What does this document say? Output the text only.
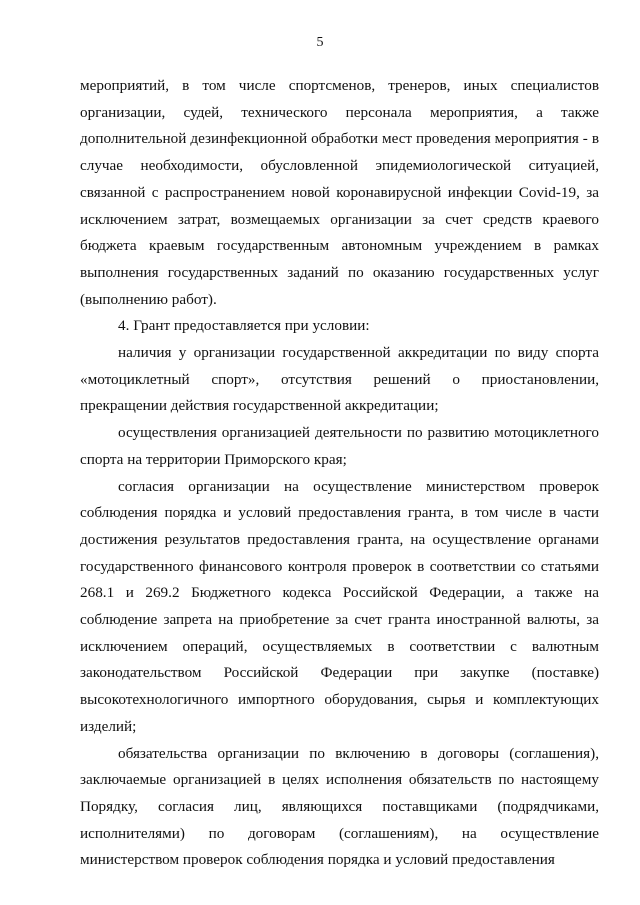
5

мероприятий, в том числе спортсменов, тренеров, иных специалистов организации, судей, технического персонала мероприятия, а также дополнительной дезинфекционной обработки мест проведения мероприятия - в случае необходимости, обусловленной эпидемиологической ситуацией, связанной с распространением новой коронавирусной инфекции Covid-19, за исключением затрат, возмещаемых организации за счет средств краевого бюджета краевым государственным автономным учреждением в рамках выполнения государственных заданий по оказанию государственных услуг (выполнению работ).

4. Грант предоставляется при условии:

наличия у организации государственной аккредитации по виду спорта «мотоциклетный спорт», отсутствия решений о приостановлении, прекращении действия государственной аккредитации;

осуществления организацией деятельности по развитию мотоциклетного спорта на территории Приморского края;

согласия организации на осуществление министерством проверок соблюдения порядка и условий предоставления гранта, в том числе в части достижения результатов предоставления гранта, на осуществление органами государственного финансового контроля проверок в соответствии со статьями 268.1 и 269.2 Бюджетного кодекса Российской Федерации, а также на соблюдение запрета на приобретение за счет гранта иностранной валюты, за исключением операций, осуществляемых в соответствии с валютным законодательством Российской Федерации при закупке (поставке) высокотехнологичного импортного оборудования, сырья и комплектующих изделий;

обязательства организации по включению в договоры (соглашения), заключаемые организацией в целях исполнения обязательств по настоящему Порядку, согласия лиц, являющихся поставщиками (подрядчиками, исполнителями) по договорам (соглашениям), на осуществление министерством проверок соблюдения порядка и условий предоставления
